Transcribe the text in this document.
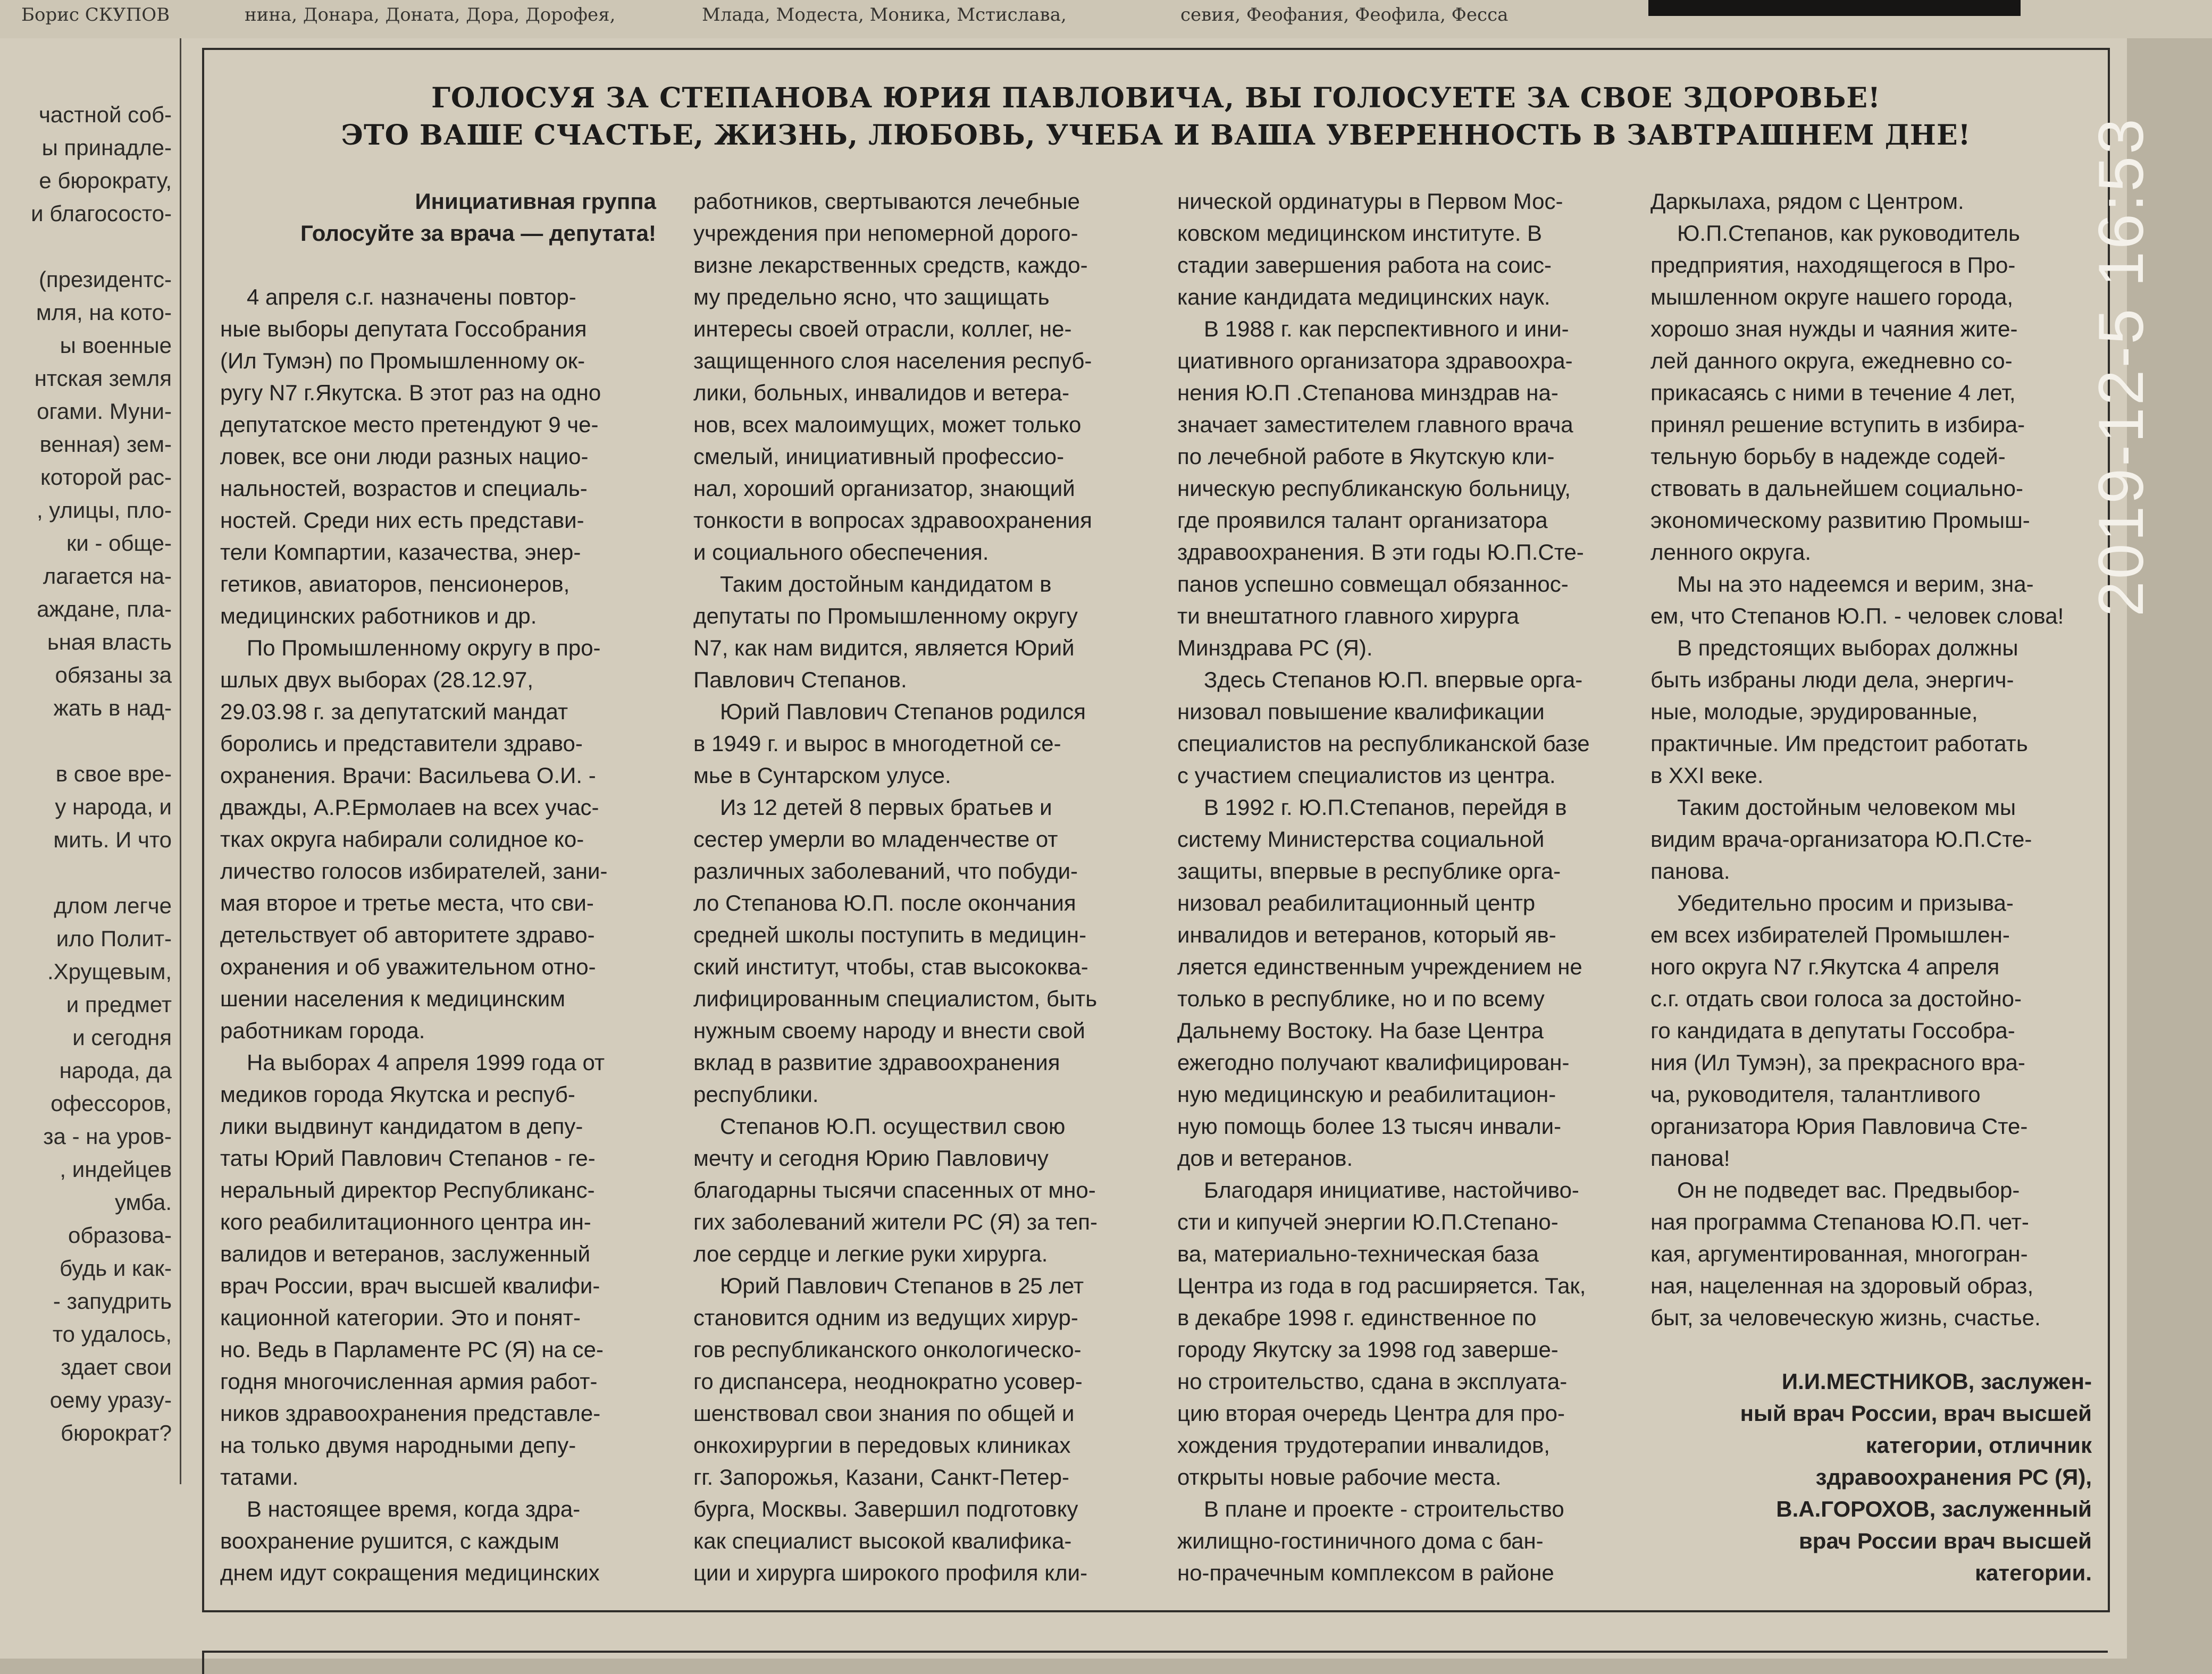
Борис СКУПОВ	нина, Донара, Доната, Дора, Дорофея,	Млада, Модеста, Моника, Мстислава,	севия, Феофания, Феофила, Фесса
частной соб-
ы принадле-
е бюрократу,
и благососто-
(президентс-
мля, на кото-
ы военные
нтская земля
огами. Муни-
венная) зем-
которой рас-
, улицы, пло-
ки - обще-
лагается на-
аждане, пла-
ьная власть
обязаны за
жать в над-
в свое вре-
у народа, и
мить. И что
длом легче
ило Полит-
.Хрущевым,
и предмет
и сегодня
народа, да
офессоров,
за - на уров-
, индейцев
умба.
образова-
будь и как-
- запудрить
то удалось,
здает свои
оему уразу-
бюрократ?
ГОЛОСУЯ ЗА СТЕПАНОВА ЮРИЯ ПАВЛОВИЧА, ВЫ ГОЛОСУЕТЕ ЗА СВОЕ ЗДОРОВЬЕ!
ЭТО ВАШЕ СЧАСТЬЕ, ЖИЗНЬ, ЛЮБОВЬ, УЧЕБА И ВАША УВЕРЕННОСТЬ В ЗАВТРАШНЕМ ДНЕ!
Инициативная группа
Голосуйте за врача — депутата!
4 апреля с.г. назначены повтор-
ные выборы депутата Госсобрания
(Ил Тумэн) по Промышленному ок-
ругу N7 г.Якутска. В этот раз на одно
депутатское место претендуют 9 че-
ловек, все они люди разных нацио-
нальностей, возрастов и специаль-
ностей. Среди них есть представи-
тели Компартии, казачества, энер-
гетиков, авиаторов, пенсионеров,
медицинских работников и др.
По Промышленному округу в про-
шлых двух выборах (28.12.97,
29.03.98 г. за депутатский мандат
боролись и представители здраво-
охранения. Врачи: Васильева О.И. -
дважды, А.Р.Ермолаев на всех учас-
тках округа набирали солидное ко-
личество голосов избирателей, зани-
мая второе и третье места, что сви-
детельствует об авторитете здраво-
охранения и об уважительном отно-
шении населения к медицинским
работникам города.
На выборах 4 апреля 1999 года от
медиков города Якутска и респуб-
лики выдвинут кандидатом в депу-
таты Юрий Павлович Степанов - ге-
неральный директор Республиканс-
кого реабилитационного центра ин-
валидов и ветеранов, заслуженный
врач России, врач высшей квалифи-
кационной категории. Это и понят-
но. Ведь в Парламенте РС (Я) на се-
годня многочисленная армия работ-
ников здравоохранения представле-
на только двумя народными депу-
татами.
В настоящее время, когда здра-
воохранение рушится, с каждым
днем идут сокращения медицинских
работников, свертываются лечебные
учреждения при непомерной дорого-
визне лекарственных средств, каждо-
му предельно ясно, что защищать
интересы своей отрасли, коллег, не-
защищенного слоя населения респуб-
лики, больных, инвалидов и ветера-
нов, всех малоимущих, может только
смелый, инициативный профессио-
нал, хороший организатор, знающий
тонкости в вопросах здравоохранения
и социального обеспечения.
Таким достойным кандидатом в
депутаты по Промышленному округу
N7, как нам видится, является Юрий
Павлович Степанов.
Юрий Павлович Степанов родился
в 1949 г. и вырос в многодетной се-
мье в Сунтарском улусе.
Из 12 детей 8 первых братьев и
сестер умерли во младенчестве от
различных заболеваний, что побуди-
ло Степанова Ю.П. после окончания
средней школы поступить в медицин-
ский институт, чтобы, став высококва-
лифицированным специалистом, быть
нужным своему народу и внести свой
вклад в развитие здравоохранения
республики.
Степанов Ю.П. осуществил свою
мечту и сегодня Юрию Павловичу
благодарны тысячи спасенных от мно-
гих заболеваний жители РС (Я) за теп-
лое сердце и легкие руки хирурга.
Юрий Павлович Степанов в 25 лет
становится одним из ведущих хирур-
гов республиканского онкологическо-
го диспансера, неоднократно усовер-
шенствовал свои знания по общей и
онкохирургии в передовых клиниках
гг. Запорожья, Казани, Санкт-Петер-
бурга, Москвы. Завершил подготовку
как специалист высокой квалифика-
ции и хирурга широкого профиля кли-
нической ординатуры в Первом Мос-
ковском медицинском институте. В
стадии завершения работа на соис-
кание кандидата медицинских наук.
В 1988 г. как перспективного и ини-
циативного организатора здравоохра-
нения Ю.П .Степанова минздрав на-
значает заместителем главного врача
по лечебной работе в Якутскую кли-
ническую республиканскую больницу,
где проявился талант организатора
здравоохранения. В эти годы Ю.П.Сте-
панов успешно совмещал обязаннос-
ти внештатного главного хирурга
Минздрава РС (Я).
Здесь Степанов Ю.П. впервые орга-
низовал повышение квалификации
специалистов на республиканской базе
с участием специалистов из центра.
В 1992 г. Ю.П.Степанов, перейдя в
систему Министерства социальной
защиты, впервые в республике орга-
низовал реабилитационный центр
инвалидов и ветеранов, который яв-
ляется единственным учреждением не
только в республике, но и по всему
Дальнему Востоку. На базе Центра
ежегодно получают квалифицирован-
ную медицинскую и реабилитацион-
ную помощь более 13 тысяч инвали-
дов и ветеранов.
Благодаря инициативе, настойчиво-
сти и кипучей энергии Ю.П.Степано-
ва, материально-техническая база
Центра из года в год расширяется. Так,
в декабре 1998 г. единственное по
городу Якутску за 1998 год заверше-
но строительство, сдана в эксплуата-
цию вторая очередь Центра для про-
хождения трудотерапии инвалидов,
открыты новые рабочие места.
В плане и проекте - строительство
жилищно-гостиничного дома с бан-
но-прачечным комплексом в районе
Даркылаха, рядом с Центром.
Ю.П.Степанов, как руководитель
предприятия, находящегося в Про-
мышленном округе нашего города,
хорошо зная нужды и чаяния жите-
лей данного округа, ежедневно со-
прикасаясь с ними в течение 4 лет,
принял решение вступить в избира-
тельную борьбу в надежде содей-
ствовать в дальнейшем социально-
экономическому развитию Промыш-
ленного округа.
Мы на это надеемся и верим, зна-
ем, что Степанов Ю.П. - человек слова!
В предстоящих выборах должны
быть избраны люди дела, энергич-
ные, молодые, эрудированные,
практичные. Им предстоит работать
в XXI веке.
Таким достойным человеком мы
видим врача-организатора Ю.П.Сте-
панова.
Убедительно просим и призыва-
ем всех избирателей Промышлен-
ного округа N7 г.Якутска 4 апреля
с.г. отдать свои голоса за достойно-
го кандидата в депутаты Госсобра-
ния (Ил Тумэн), за прекрасного вра-
ча, руководителя, талантливого
организатора Юрия Павловича Сте-
панова!
Он не подведет вас. Предвыбор-
ная программа Степанова Ю.П. чет-
кая, аргументированная, многогран-
ная, нацеленная на здоровый образ,
быт, за человеческую жизнь, счастье.
И.И.МЕСТНИКОВ, заслужен-
ный врач России, врач высшей
категории, отличник
здравоохранения РС (Я),
В.А.ГОРОХОВ, заслуженный
врач России врач высшей
категории.
2019-12-5 16:53
